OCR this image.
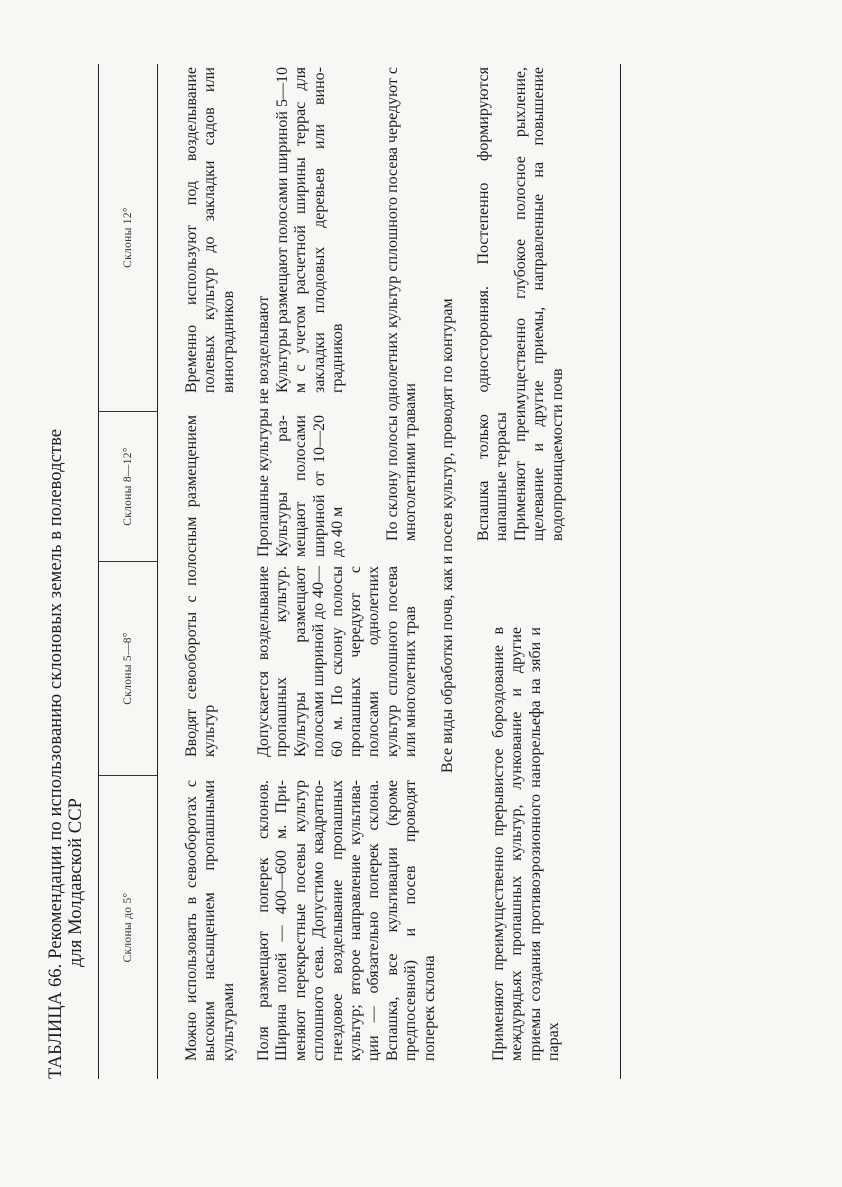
ТАБЛИЦА 66. Рекомендации по использованию склоновых земель в полеводстве для Молдавской ССР	Склоны до 5°
Склоны 5—8°
Склоны 8—12°
Склоны 12°
Можно использовать в севооборотах с высоким насыщением пропашными культурами
Вводят севообороты с полосным размещением культур
Временно используют под возделывание полевых культур до закладки садов или виноградников
Поля размещают поперек склонов. Ширина полей — 400—600 м. Применяют перекрестные посевы культур сплошного сева. Допустимо квадратно-гнездовое возделывание пропашных культур; второе направление культивации — обязательно поперек склона. Вспашка, все культивации (кроме предпосевной) и посев проводят поперек склона
Допускается возделывание пропашных культур. Культуры размещают полосами шириной до 40—60 м. По склону полосы пропашных чередуют с полосами однолетних культур сплошного посева или многолетних трав
Пропашные культуры не возделывают Культуры размещают полосами шириной от 10—20 до 40 м
Культуры размещают полосами шириной 5—10 м с учетом расчетной ширины террас для закладки плодовых деревьев или виноградников По склону полосы однолетних культур сплошного посева чередуют с многолетними травами Все виды обработки почв, как и посев культур, проводят по контурам
Применяют преимущественно прерывистое бороздование в междурядьях пропашных культур, лункование и другие приемы создания противоэрозионного нанорельефа на зяби и парах
Вспашка только односторонняя. Постепенно формируются напашные террасы Применяют преимущественно глубокое полосное рыхление, щелевание и другие приемы, направленные на повышение водопроницаемости почв
